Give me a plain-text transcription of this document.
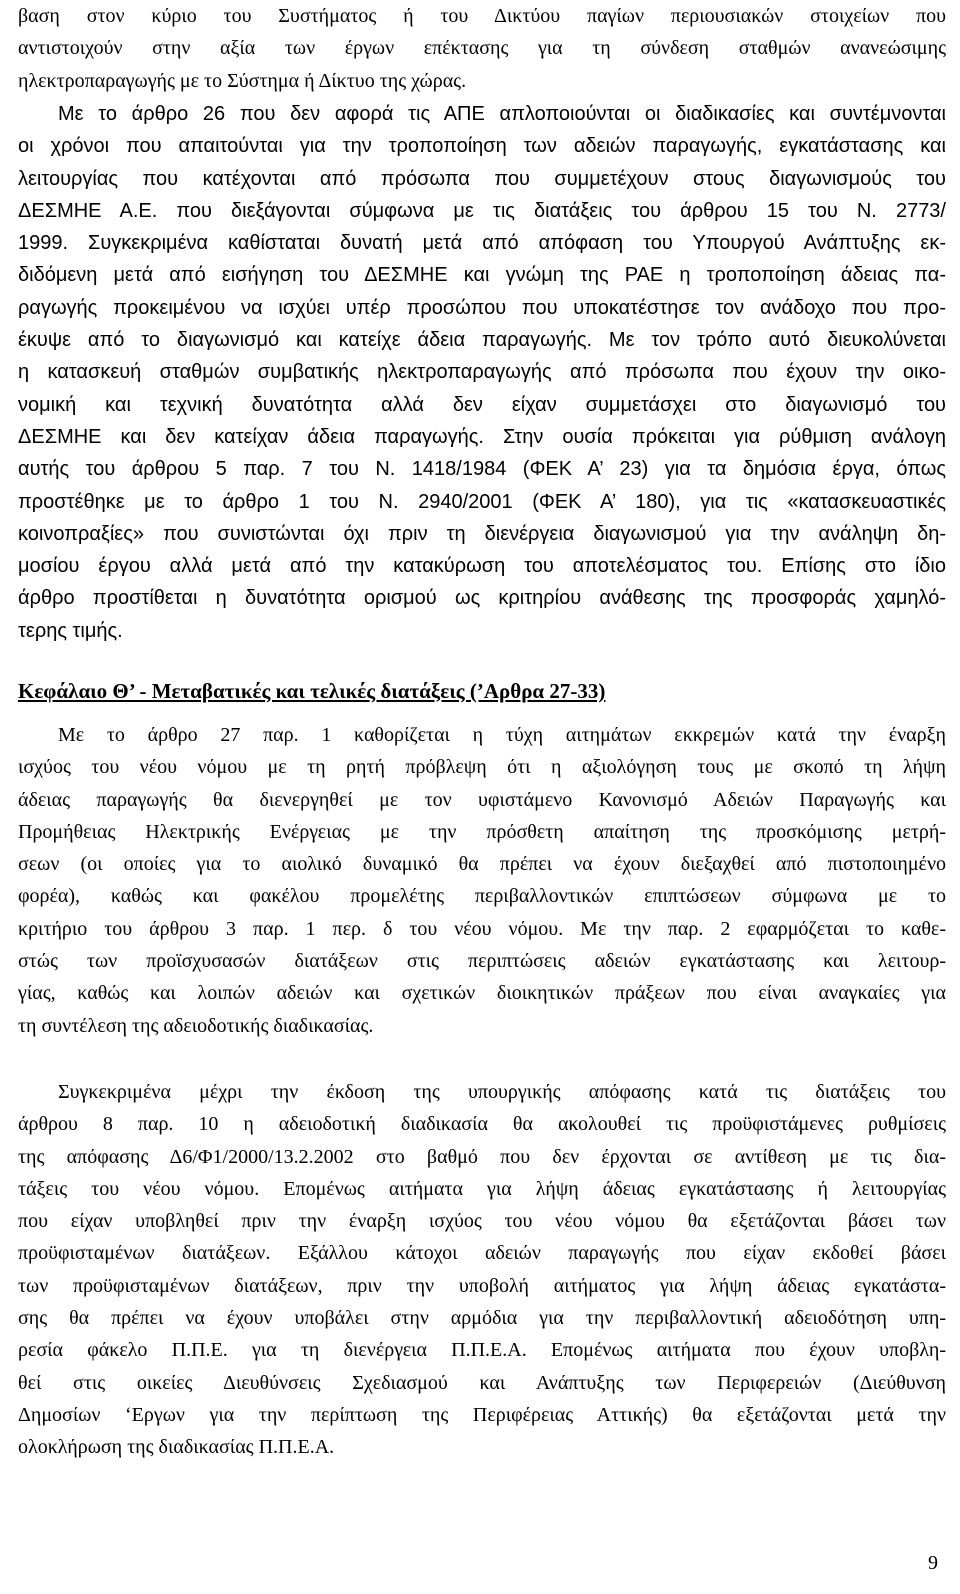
βαση στον κύριο του Συστήματος ή του Δικτύου παγίων περιουσιακών στοιχείων που
αντιστοιχούν στην αξία των έργων επέκτασης για τη σύνδεση σταθμών ανανεώσιμης
ηλεκτροπαραγωγής με το Σύστημα ή Δίκτυο της χώρας.

Με το άρθρο 26 που δεν αφορά τις ΑΠΕ απλοποιούνται οι διαδικασίες και συντέμνονται
οι χρόνοι που απαιτούνται για την τροποποίηση των αδειών παραγωγής, εγκατάστασης και
λειτουργίας που κατέχονται από πρόσωπα που συμμετέχουν στους διαγωνισμούς του
ΔΕΣΜΗΕ Α.Ε. που διεξάγονται σύμφωνα με τις διατάξεις του άρθρου 15 του Ν. 2773/
1999. Συγκεκριμένα καθίσταται δυνατή μετά από απόφαση του Υπουργού Ανάπτυξης εκ-
διδόμενη μετά από εισήγηση του ΔΕΣΜΗΕ και γνώμη της ΡΑΕ η τροποποίηση άδειας πα-
ραγωγής προκειμένου να ισχύει υπέρ προσώπου που υποκατέστησε τον ανάδοχο που προ-
έκυψε από το διαγωνισμό και κατείχε άδεια παραγωγής. Με τον τρόπο αυτό διευκολύνεται
η κατασκευή σταθμών συμβατικής ηλεκτροπαραγωγής από πρόσωπα που έχουν την οικο-
νομική και τεχνική δυνατότητα αλλά δεν είχαν συμμετάσχει στο διαγωνισμό του
ΔΕΣΜΗΕ και δεν κατείχαν άδεια παραγωγής. Στην ουσία πρόκειται για ρύθμιση ανάλογη
αυτής του άρθρου 5 παρ. 7 του Ν. 1418/1984 (ΦΕΚ Α’ 23) για τα δημόσια έργα, όπως
προστέθηκε με το άρθρο 1 του Ν. 2940/2001 (ΦΕΚ Α’ 180), για τις «κατασκευαστικές
κοινοπραξίες» που συνιστώνται όχι πριν τη διενέργεια διαγωνισμού για την ανάληψη δη-
μοσίου έργου αλλά μετά από την κατακύρωση του αποτελέσματος του. Επίσης στο ίδιο
άρθρο προστίθεται η δυνατότητα ορισμού ως κριτηρίου ανάθεσης της προσφοράς χαμηλό-
τερης τιμής.

Κεφάλαιο Θ’ - Μεταβατικές και τελικές διατάξεις (’Αρθρα 27-33)

Με το άρθρο 27 παρ. 1 καθορίζεται η τύχη αιτημάτων εκκρεμών κατά την έναρξη
ισχύος του νέου νόμου με τη ρητή πρόβλεψη ότι η αξιολόγηση τους με σκοπό τη λήψη
άδειας παραγωγής θα διενεργηθεί με τον υφιστάμενο Κανονισμό Αδειών Παραγωγής και
Προμήθειας Ηλεκτρικής Ενέργειας με την πρόσθετη απαίτηση της προσκόμισης μετρή-
σεων (οι οποίες για το αιολικό δυναμικό θα πρέπει να έχουν διεξαχθεί από πιστοποιημένο
φορέα), καθώς και φακέλου προμελέτης περιβαλλοντικών επιπτώσεων σύμφωνα με το
κριτήριο του άρθρου 3 παρ. 1 περ. δ του νέου νόμου. Με την παρ. 2 εφαρμόζεται το καθε-
στώς των προϊσχυσασών διατάξεων στις περιπτώσεις αδειών εγκατάστασης και λειτουρ-
γίας, καθώς και λοιπών αδειών και σχετικών διοικητικών πράξεων που είναι αναγκαίες για
τη συντέλεση της αδειοδοτικής διαδικασίας.

Συγκεκριμένα μέχρι την έκδοση της υπουργικής απόφασης κατά τις διατάξεις του
άρθρου 8 παρ. 10 η αδειοδοτική διαδικασία θα ακολουθεί τις προϋφιστάμενες ρυθμίσεις
της απόφασης Δ6/Φ1/2000/13.2.2002 στο βαθμό που δεν έρχονται σε αντίθεση με τις δια-
τάξεις του νέου νόμου. Επομένως αιτήματα για λήψη άδειας εγκατάστασης ή λειτουργίας
που είχαν υποβληθεί πριν την έναρξη ισχύος του νέου νόμου θα εξετάζονται βάσει των
προϋφισταμένων διατάξεων. Εξάλλου κάτοχοι αδειών παραγωγής που είχαν εκδοθεί βάσει
των προϋφισταμένων διατάξεων, πριν την υποβολή αιτήματος για λήψη άδειας εγκατάστα-
σης θα πρέπει να έχουν υποβάλει στην αρμόδια για την περιβαλλοντική αδειοδότηση υπη-
ρεσία φάκελο Π.Π.Ε. για τη διενέργεια Π.Π.Ε.Α. Επομένως αιτήματα που έχουν υποβλη-
θεί στις οικείες Διευθύνσεις Σχεδιασμού και Ανάπτυξης των Περιφερειών (Διεύθυνση
Δημοσίων ‘Εργων για την περίπτωση της Περιφέρειας Αττικής) θα εξετάζονται μετά την
ολοκλήρωση της διαδικασίας Π.Π.Ε.Α.

9
